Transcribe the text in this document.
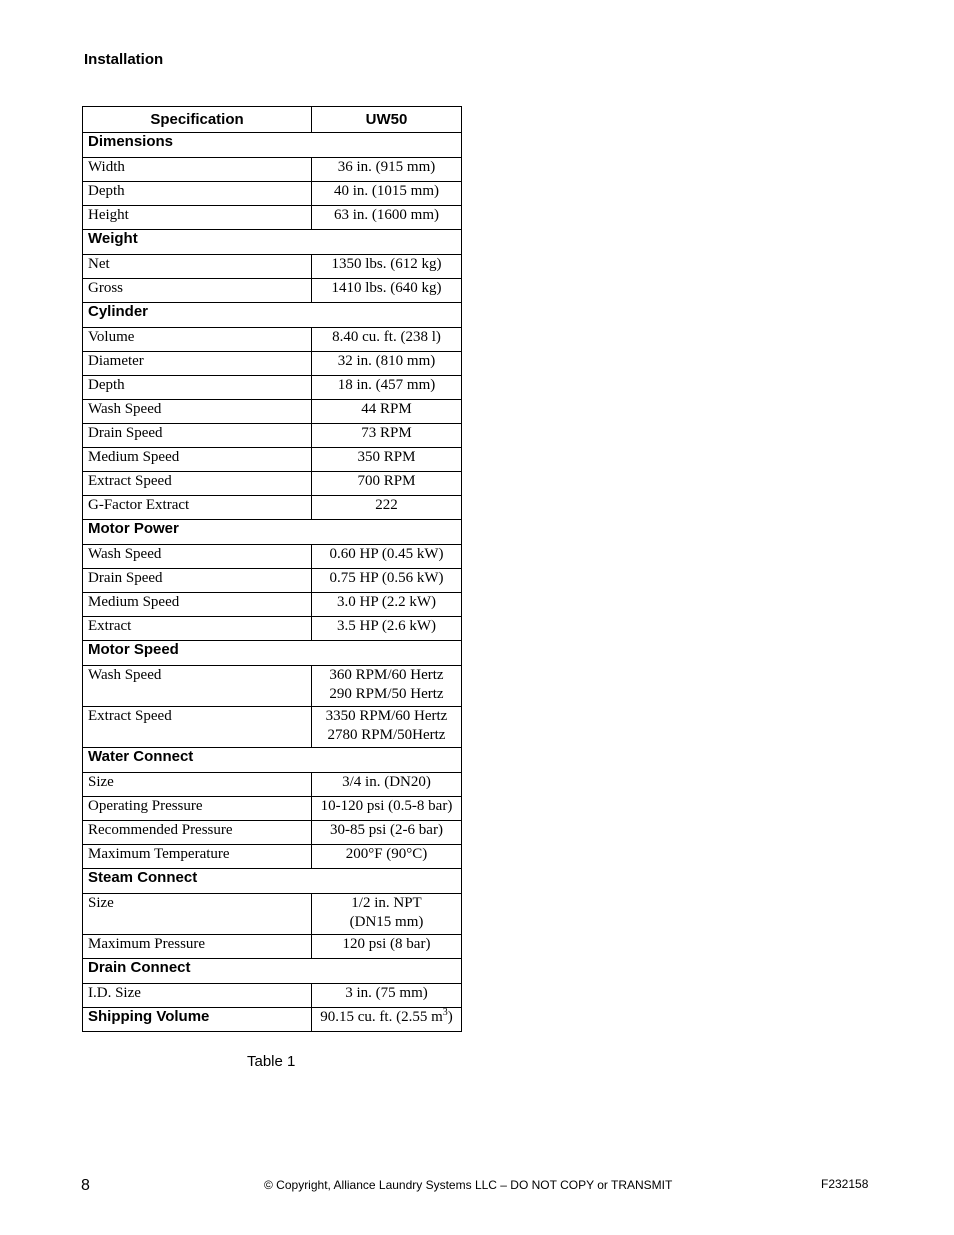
Installation
Specification	UW50
Dimensions	
Width	36 in. (915 mm)

Depth	40 in. (1015 mm)

Height	63 in. (1600 mm)

Weight	
Net	1350 lbs. (612 kg)

Gross	1410 lbs. (640 kg)

Cylinder	
Volume	8.40 cu. ft. (238 l)

Diameter	32 in. (810 mm)

Depth	18 in. (457 mm)

Wash Speed	44 RPM

Drain Speed	73 RPM

Medium Speed	350 RPM

Extract Speed	700 RPM

G-Factor Extract	222

Motor Power	
Wash Speed	0.60 HP (0.45 kW)

Drain Speed	0.75 HP (0.56 kW)

Medium Speed	3.0 HP (2.2 kW)

Extract	3.5 HP (2.6 kW)

Motor Speed	
Wash Speed	360 RPM/60 Hertz
290 RPM/50 Hertz

Extract Speed	3350 RPM/60 Hertz
2780 RPM/50Hertz

Water Connect	
Size	3/4 in. (DN20)

Operating Pressure	10-120 psi (0.5-8 bar)

Recommended Pressure	30-85 psi (2-6 bar)

Maximum Temperature	200°F (90°C)

Steam Connect	
Size	1/2 in. NPT
(DN15 mm)

Maximum Pressure	120 psi (8 bar)

Drain Connect	
I.D. Size	3 in. (75 mm)

Shipping Volume	90.15 cu. ft. (2.55 $m^3$)
Table 1
8	© Copyright, Alliance Laundry Systems LLC – DO NOT COPY or TRANSMIT	F232158
